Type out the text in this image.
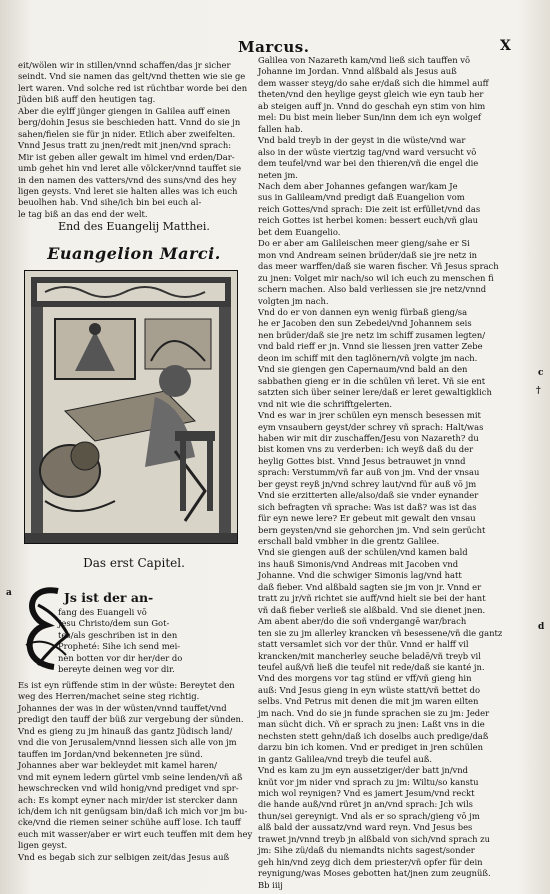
Marcus.	X
eit/wölen wir in stillen/vnnd schaffen/das jr sicher
seindt. Vnd sie namen das gelt/vnd thetten wie sie ge
lert waren. Vnd solche red ist rüchtbar worde bei den
Jüden biß auff den heutigen tag.
Aber die eylff jünger giengen in Galilea auff einen
berg/dohin Jesus sie beschieden hatt. Vnnd do sie jn
sahen/fielen sie für jn nider. Etlich aber zweifelten.
Vnnd Jesus tratt zu jnen/redt mit jnen/vnd sprach:
Mir ist geben aller gewalt im himel vnd erden/Dar-
umb gehet hin vnd leret alle völcker/vnnd tauffet sie
in den namen des vatters/vnd des suns/vnd des hey
ligen geysts. Vnd leret sie halten alles was ich euch
beuolhen hab. Vnd sihe/ich bin bei euch al-
le tag biß an das end der welt.
End des Euangelij Matthei.
Euangelion Marci.
Das erst Capitel.
Js ist der an-
fang des Euangeli vō
Jesu Christo/dem sun Got-
tes/als geschriben ist in den
Propheté: Sihe ich send mei-
nen botten vor dir her/der do
bereyte deinen weg vor dir.
Es ist eyn rüffende stim in der wüste: Bereytet den
weg des Herren/machet seine steg richtig.
Johannes der was in der wüsten/vnnd tauffet/vnd
predigt den tauff der büß zur vergebung der sünden.
Vnd es gieng zu jm hinauß das gantz Jüdisch land/
vnd die von Jerusalem/vnnd liessen sich alle von jm
tauffen im Jordan/vnd bekenneten jre sünd.
Johannes aber war bekleydet mit kamel haren/
vnd mit eynem ledern gürtel vmb seine lenden/vñ aß
hewschrecken vnd wild honig/vnd prediget vnd spr-
ach: Es kompt eyner nach mir/der ist stercker dann
ich/dem ich nit genügsam bin/daß ich mich vor jm bu-
cke/vnd die riemen seiner schühe auff lose. Ich tauff
euch mit wasser/aber er wirt euch teuffen mit dem hey
ligen geyst.
Vnd es begab sich zur selbigen zeit/das Jesus auß
Galilea von Nazareth kam/vnd ließ sich tauffen vō
Johanne im Jordan. Vnnd alßbald als Jesus auß
dem wasser steyg/do sahe er/daß sich die himmel auff
theten/vnd den heylige geyst gleich wie eyn taub her
ab steigen auff jn. Vnnd do geschah eyn stim von him
mel: Du bist mein lieber Sun/inn dem ich eyn wolgef
fallen hab.
Vnd bald treyb in der geyst in die wüste/vnd war
also in der wüste viertzig tag/vnd ward versucht vō
dem teufel/vnd war bei den thieren/vñ die engel die
neten jm.
Nach dem aber Johannes gefangen war/kam Je
sus in Galileam/vnd predigt daß Euangelion vom
reich Gottes/vnd sprach: Die zeit ist erfüllet/vnd das
reich Gottes ist herbei komen: bessert euch/vñ glau
bet dem Euangelio.
Do er aber am Galileischen meer gieng/sahe er Si
mon vnd Andream seinen brüder/daß sie jre netz in
das meer warffen/daß sie waren fischer. Vñ Jesus sprach
zu jnen: Volget mir nach/so wil ich euch zu menschen fi
schern machen. Also bald verliessen sie jre netz/vnnd
volgten jm nach.
Vnd do er von dannen eyn wenig fürbaß gieng/sa
he er Jacoben den sun Zebedei/vnd Johannem seis
nen brüder/daß sie jre netz im schiff zusamen legten/
vnd bald rieff er jn. Vnnd sie liessen jren vatter Zebe
deon im schiff mit den taglönern/vñ volgte jm nach.
Vnd sie giengen gen Capernaum/vnd bald an den
sabbathen gieng er in die schülen vñ leret. Vñ sie ent
satzten sich über seiner lere/daß er leret gewaltigklich
vnd nit wie die schrifftgelerten.
Vnd es war in jrer schülen eyn mensch besessen mit
eym vnsaubern geyst/der schrey vñ sprach: Halt/was
haben wir mit dir zuschaffen/Jesu von Nazareth? du
bist komen vns zu verderben: ich weyß daß du der
heylig Gottes bist. Vnnd Jesus betrauwet jn vnnd
sprach: Verstumm/vñ far auß von jm. Vnd der vnsau
ber geyst reyß jn/vnd schrey laut/vnd für auß vō jm
Vnd sie erzitterten alle/also/daß sie vnder eynander
sich befragten vñ sprache: Was ist daß? was ist das
für eyn newe lere? Er gebeut mit gewalt den vnsau
bern geysten/vnd sie gehorchen jm. Vnd sein gerücht
erschall bald vmbher in die grentz Galilee.
Vnd sie giengen auß der schülen/vnd kamen bald
ins hauß Simonis/vnd Andreas mit Jacoben vnd
Johanne. Vnd die schwiger Simonis lag/vnd hatt
daß fieber. Vnd alßbald sagten sie jm von jr. Vnnd er
tratt zu jr/vñ richtet sie auff/vnd hielt sie bei der hant
vñ daß fieber verließ sie alßbald. Vnd sie dienet jnen.
Am abent aber/do die soñ vndergangē war/brach
ten sie zu jm allerley krancken vñ besessene/vñ die gantz
statt versamlet sich vor der thür. Vnnd er halff vil
krancken/mit mancherley seuche beladē/vñ treyb vil
teufel auß/vñ ließ die teufel nit rede/daß sie kanté jn.
Vnd des morgens vor tag stünd er vff/vñ gieng hin
auß: Vnd Jesus gieng in eyn wüste statt/vñ bettet do
selbs. Vnd Petrus mit denen die mit jm waren eilten
jm nach. Vnd do sie jn funde sprachen sie zu jm: Jeder
man sücht dich. Vñ er sprach zu jnen: Laßt vns in die
nechsten stett gehn/daß ich doselbs auch predige/daß
darzu bin ich komen. Vnd er prediget in jren schülen
in gantz Galilea/vnd treyb die teufel auß.
Vnd es kam zu jm eyn aussetziger/der batt jn/vnd
knüt vor jm nider vnd sprach zu jm: Wiltu/so kanstu
mich wol reynigen? Vnd es jamert Jesum/vnd reckt
die hande auß/vnd rüret jn an/vnd sprach: Jch wils
thun/sei gereynigt. Vnd als er so sprach/gieng vō jm
alß bald der aussatz/vnd ward reyn. Vnd Jesus bes
trawet jn/vnnd treyb jn alßbald von sich/vnd sprach zu
jm: Sihe zü/daß du niemandts nichts sagest/sonder
geh hin/vnd zeyg dich dem priester/vñ opfer für dein
reynigung/was Moses gebotten hat/jnen zum zeugnüß.
Bb iiij
a
c
†
d
